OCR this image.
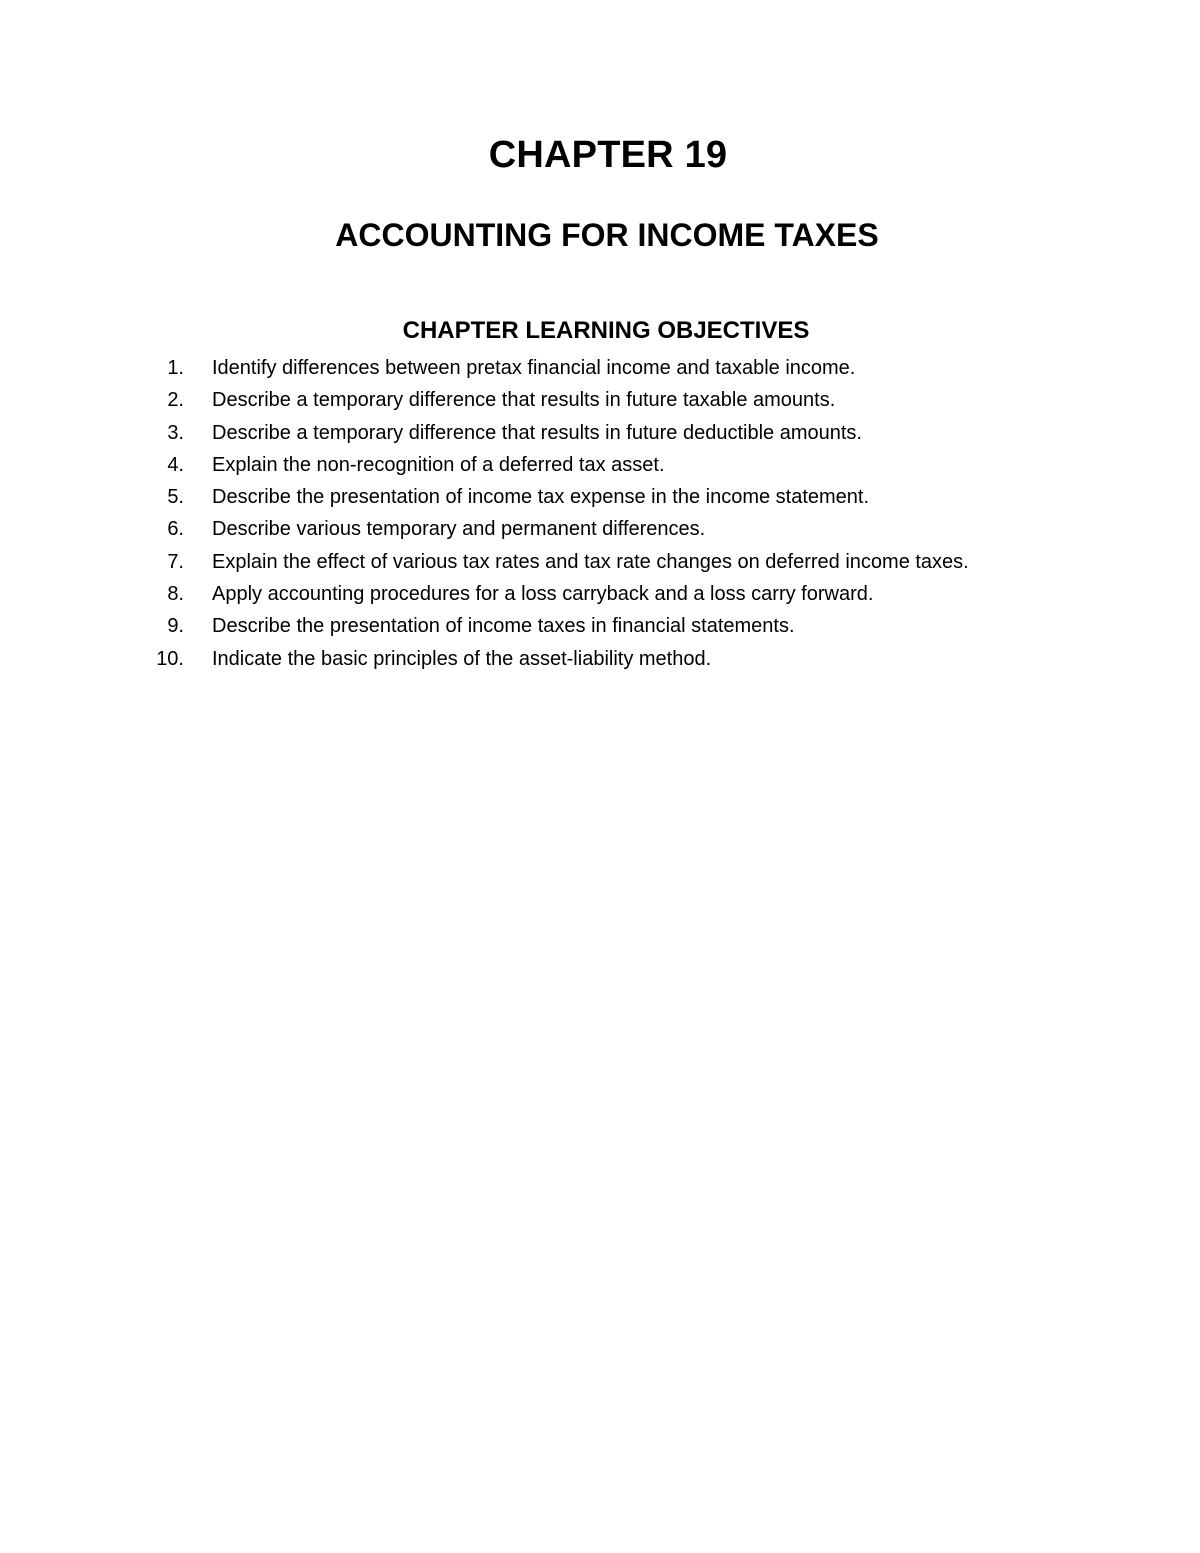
CHAPTER 19
ACCOUNTING FOR INCOME TAXES
CHAPTER LEARNING OBJECTIVES
1. Identify differences between pretax financial income and taxable income.
2. Describe a temporary difference that results in future taxable amounts.
3. Describe a temporary difference that results in future deductible amounts.
4. Explain the non-recognition of a deferred tax asset.
5. Describe the presentation of income tax expense in the income statement.
6. Describe various temporary and permanent differences.
7. Explain the effect of various tax rates and tax rate changes on deferred income taxes.
8. Apply accounting procedures for a loss carryback and a loss carry forward.
9. Describe the presentation of income taxes in financial statements.
10. Indicate the basic principles of the asset-liability method.
